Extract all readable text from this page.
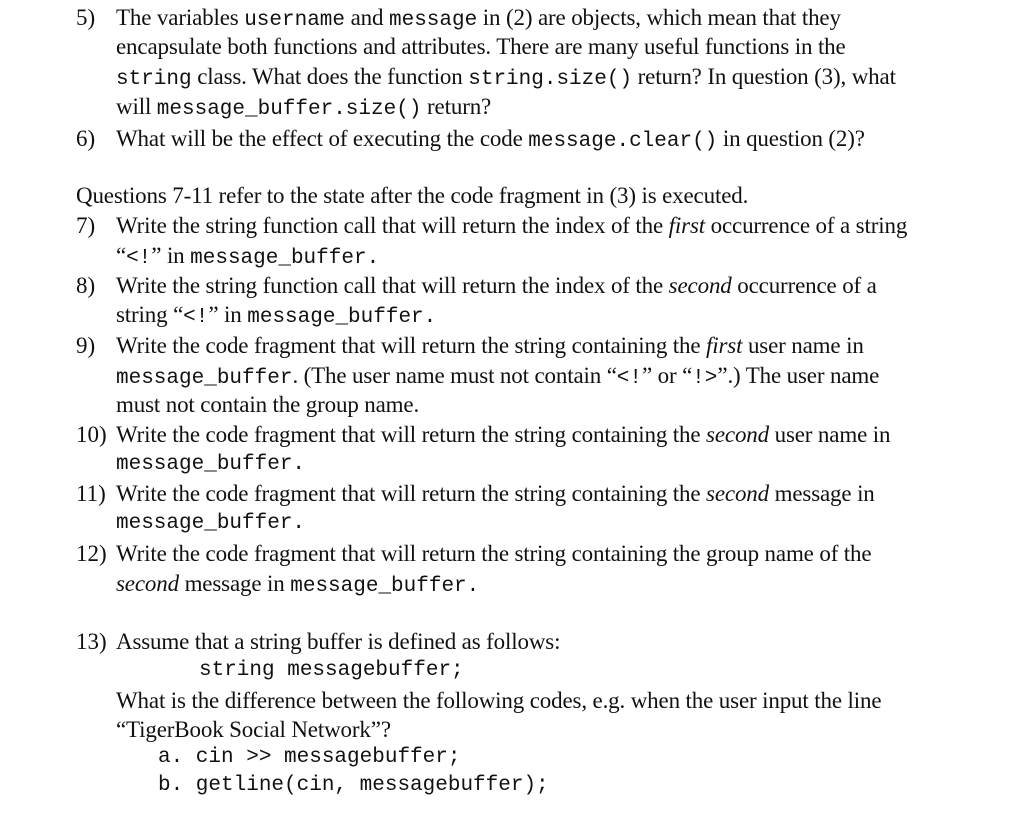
5) The variables username and message in (2) are objects, which mean that they
encapsulate both functions and attributes. There are many useful functions in the
string class. What does the function string.size() return? In question (3), what
will message_buffer.size() return?
6) What will be the effect of executing the code message.clear() in question (2)?
Questions 7-11 refer to the state after the code fragment in (3) is executed.
7) Write the string function call that will return the index of the first occurrence of a string
“<!” in message_buffer.
8) Write the string function call that will return the index of the second occurrence of a
string “<!” in message_buffer.
9) Write the code fragment that will return the string containing the first user name in
message_buffer. (The user name must not contain “<!” or “!>”.) The user name
must not contain the group name.
10) Write the code fragment that will return the string containing the second user name in
message_buffer.
11) Write the code fragment that will return the string containing the second message in
message_buffer.
12) Write the code fragment that will return the string containing the group name of the
second message in message_buffer.
13) Assume that a string buffer is defined as follows:
string messagebuffer;
What is the difference between the following codes, e.g. when the user input the line
“TigerBook Social Network”?
a. cin >> messagebuffer;
b. getline(cin, messagebuffer);
